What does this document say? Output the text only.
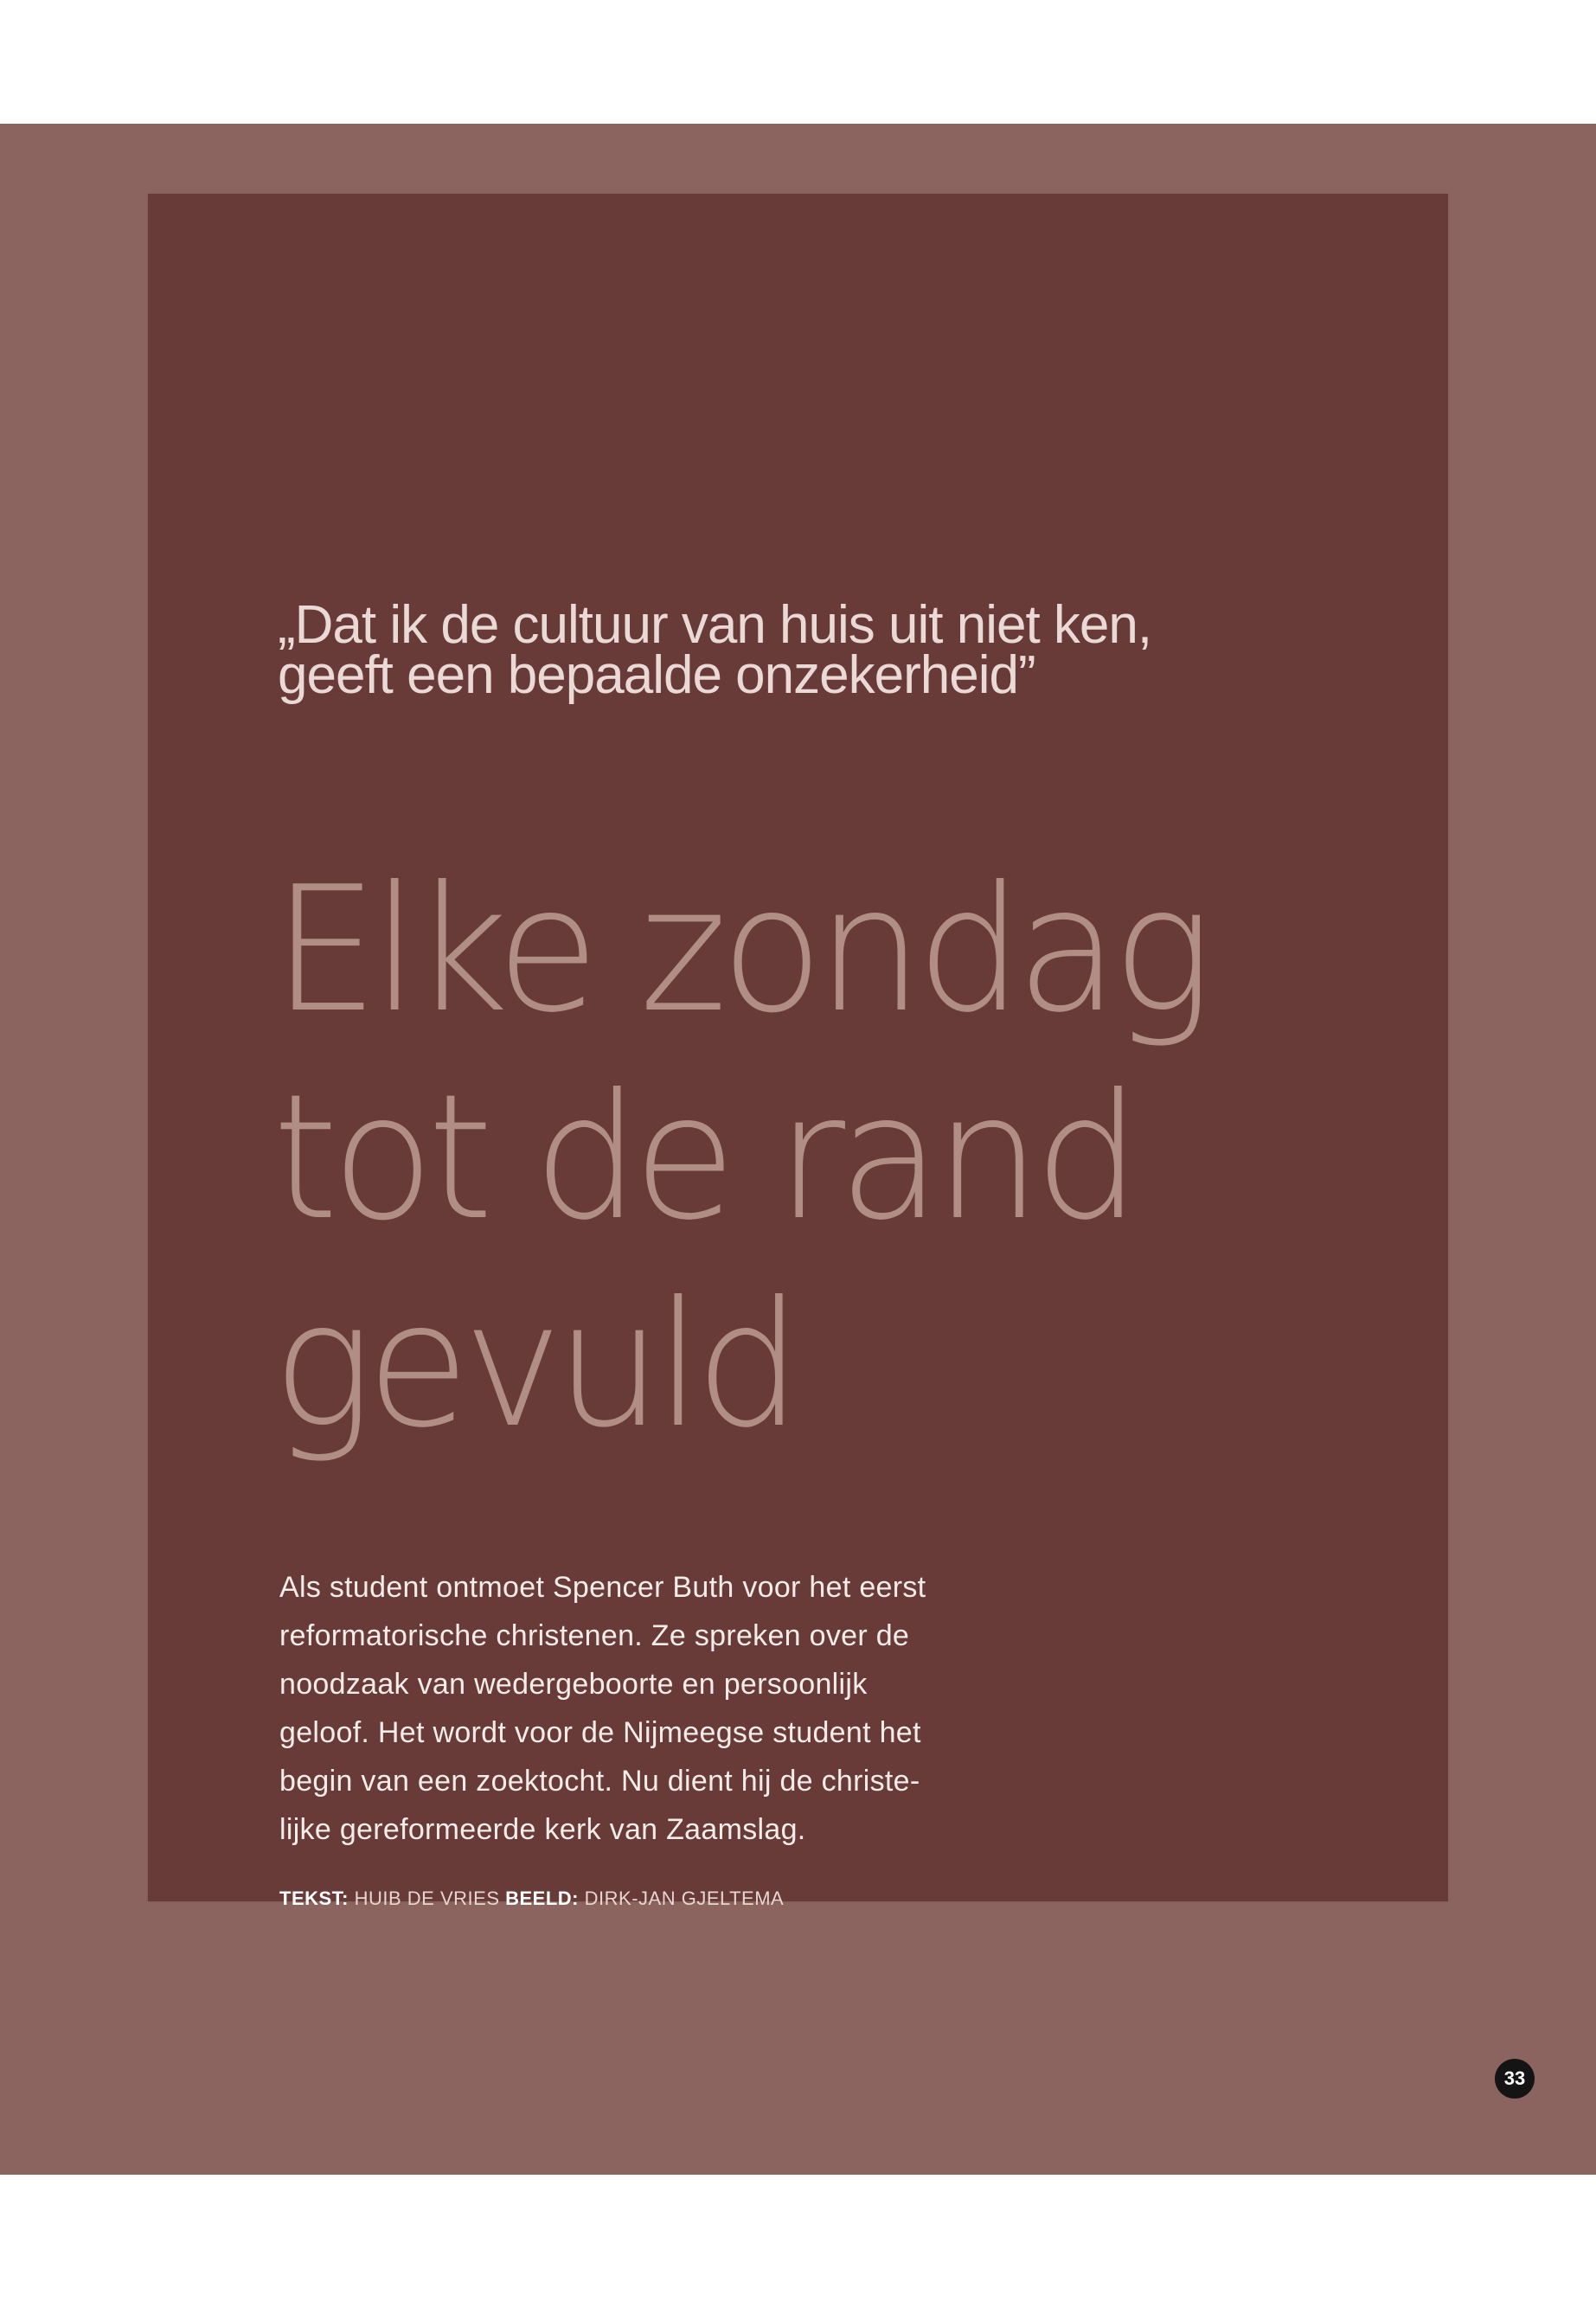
„Dat ik de cultuur van huis uit niet ken,
geeft een bepaalde onzekerheid”
Elke zondag
tot de rand
gevuld

Als student ontmoet Spencer Buth voor het eerst
reformatorische christenen. Ze spreken over de
noodzaak van wedergeboorte en persoonlijk
geloof. Het wordt voor de Nijmeegse student het
begin van een zoektocht. Nu dient hij de christe-
lijke gereformeerde kerk van Zaamslag.

TEKST: HUIB DE VRIES BEELD: DIRK-JAN GJELTEMA

33
